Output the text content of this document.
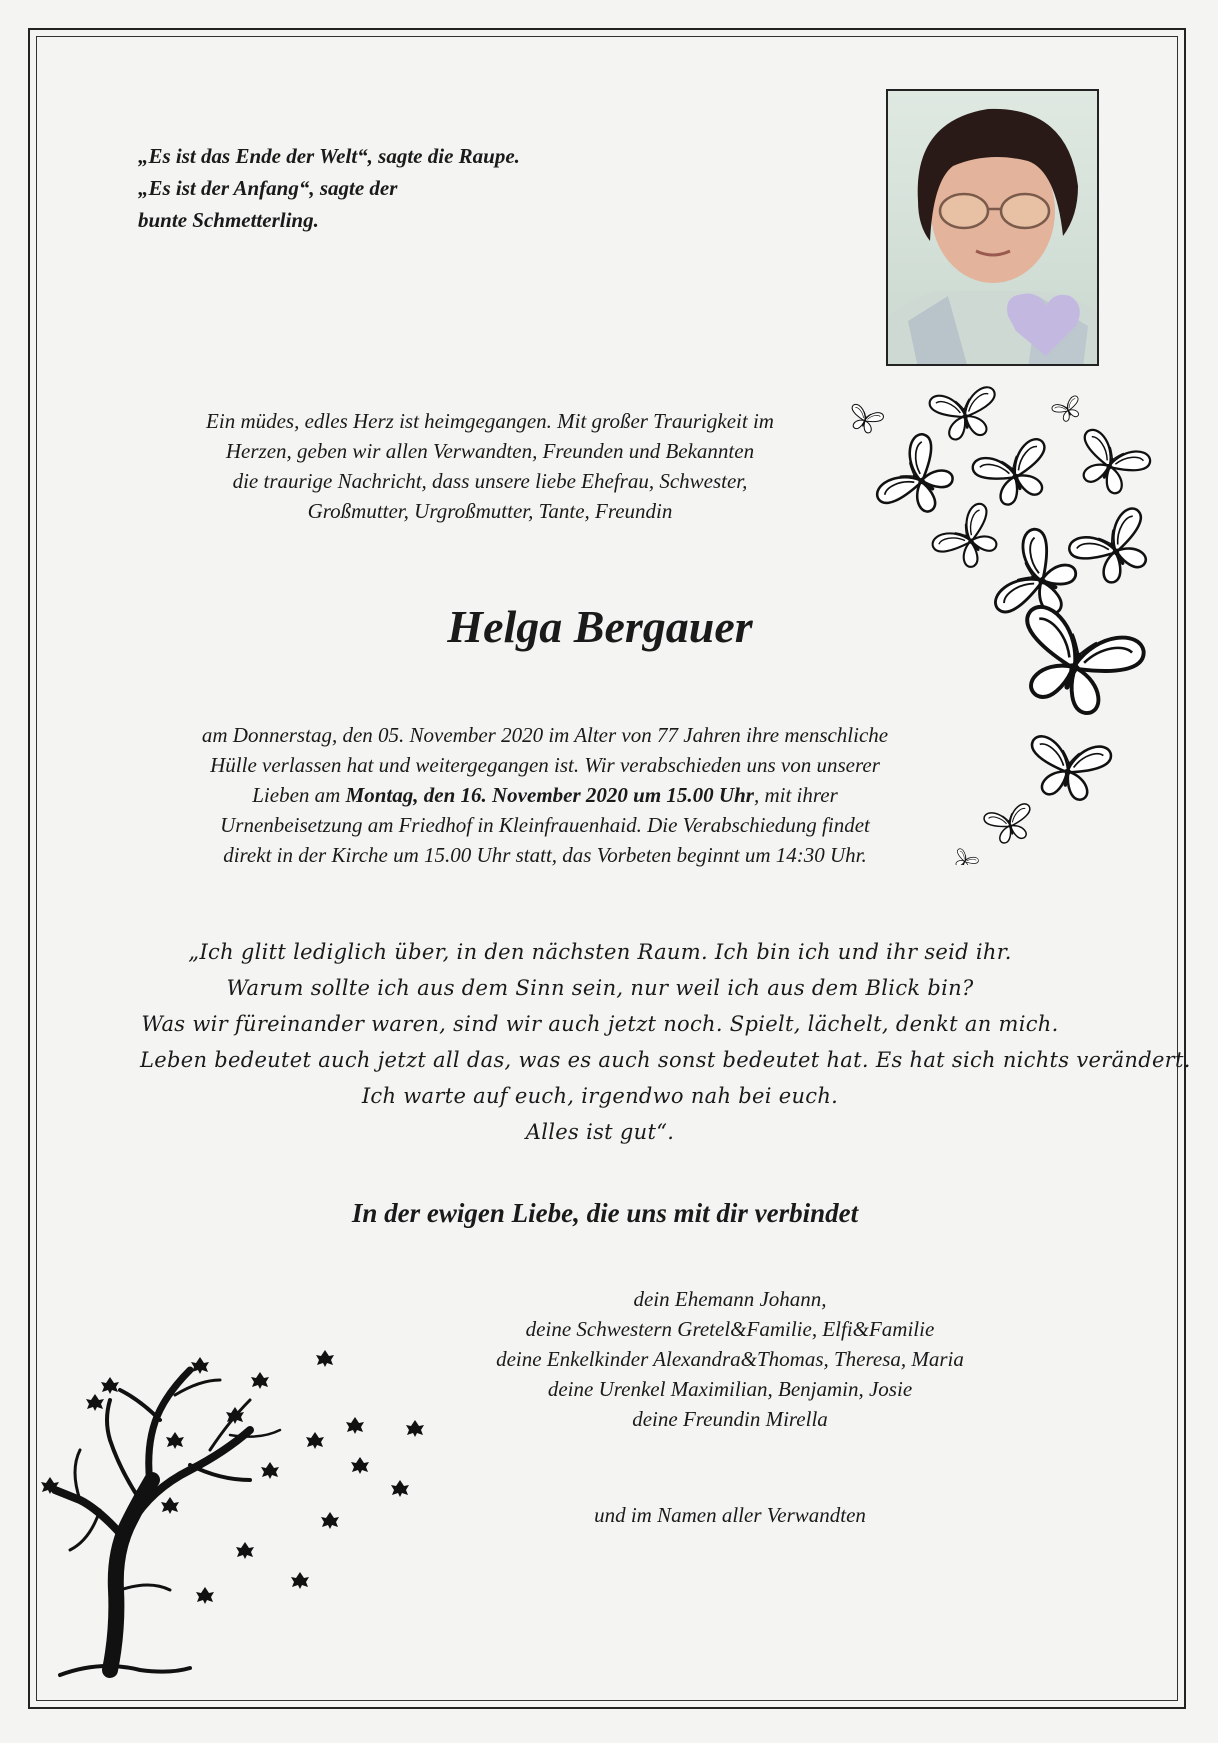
„Es ist das Ende der Welt“, sagte die Raupe.
„Es ist der Anfang“, sagte der
bunte Schmetterling.
Ein müdes, edles Herz ist heimgegangen. Mit großer Traurigkeit im
Herzen, geben wir allen Verwandten, Freunden und Bekannten
die traurige Nachricht, dass unsere liebe Ehefrau, Schwester,
Großmutter, Urgroßmutter, Tante, Freundin
Helga Bergauer
am Donnerstag, den 05. November 2020 im Alter von 77 Jahren ihre menschliche
Hülle verlassen hat und weitergegangen ist. Wir verabschieden uns von unserer
Lieben am Montag, den 16. November 2020 um 15.00 Uhr, mit ihrer
Urnenbeisetzung am Friedhof in Kleinfrauenhaid. Die Verabschiedung findet
direkt in der Kirche um 15.00 Uhr statt, das Vorbeten beginnt um 14:30 Uhr.
„Ich glitt lediglich über, in den nächsten Raum. Ich bin ich und ihr seid ihr.
Warum sollte ich aus dem Sinn sein, nur weil ich aus dem Blick bin?
Was wir füreinander waren, sind wir auch jetzt noch. Spielt, lächelt, denkt an mich.
Leben bedeutet auch jetzt all das, was es auch sonst bedeutet hat. Es hat sich nichts verändert.
Ich warte auf euch, irgendwo nah bei euch.
Alles ist gut“.
In der ewigen Liebe, die uns mit dir verbindet
dein Ehemann Johann,
deine Schwestern Gretel&Familie, Elfi&Familie
deine Enkelkinder Alexandra&Thomas, Theresa, Maria
deine Urenkel Maximilian, Benjamin, Josie
deine Freundin Mirella
und im Namen aller Verwandten
